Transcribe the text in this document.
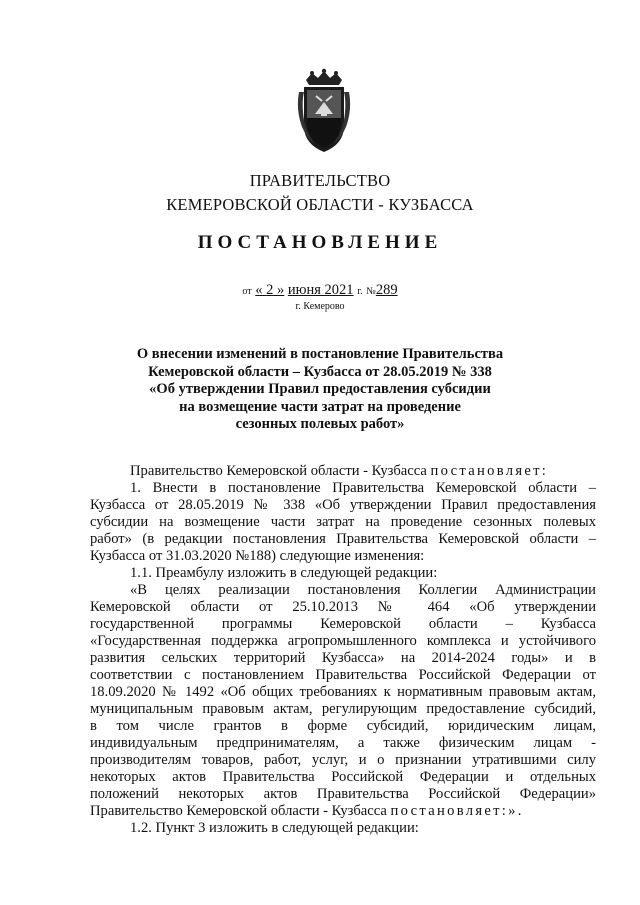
ПРАВИТЕЛЬСТВО
КЕМЕРОВСКОЙ ОБЛАСТИ - КУЗБАССА
ПОСТАНОВЛЕНИЕ
от « 2 » июня 2021 г. №289
г. Кемерово
О внесении изменений в постановление Правительства
Кемеровской области – Кузбасса от 28.05.2019 № 338
«Об утверждении Правил предоставления субсидии
на возмещение части затрат на проведение
сезонных полевых работ»
Правительство Кемеровской области - Кузбасса постановляет:
1. Внести в постановление Правительства Кемеровской области –
Кузбасса от 28.05.2019 № 338 «Об утверждении Правил предоставления
субсидии на возмещение части затрат на проведение сезонных полевых
работ» (в редакции постановления Правительства Кемеровской области –
Кузбасса от 31.03.2020 №188) следующие изменения:
1.1. Преамбулу изложить в следующей редакции:
«В целях реализации постановления Коллегии Администрации
Кемеровской области от 25.10.2013 № 464 «Об утверждении
государственной программы Кемеровской области – Кузбасса
«Государственная поддержка агропромышленного комплекса и устойчивого
развития сельских территорий Кузбасса» на 2014-2024 годы» и в
соответствии с постановлением Правительства Российской Федерации от
18.09.2020 № 1492 «Об общих требованиях к нормативным правовым актам,
муниципальным правовым актам, регулирующим предоставление субсидий,
в том числе грантов в форме субсидий, юридическим лицам,
индивидуальным предпринимателям, а также физическим лицам -
производителям товаров, работ, услуг, и о признании утратившими силу
некоторых актов Правительства Российской Федерации и отдельных
положений некоторых актов Правительства Российской Федерации»
Правительство Кемеровской области - Кузбасса постановляет:».
1.2. Пункт 3 изложить в следующей редакции:
